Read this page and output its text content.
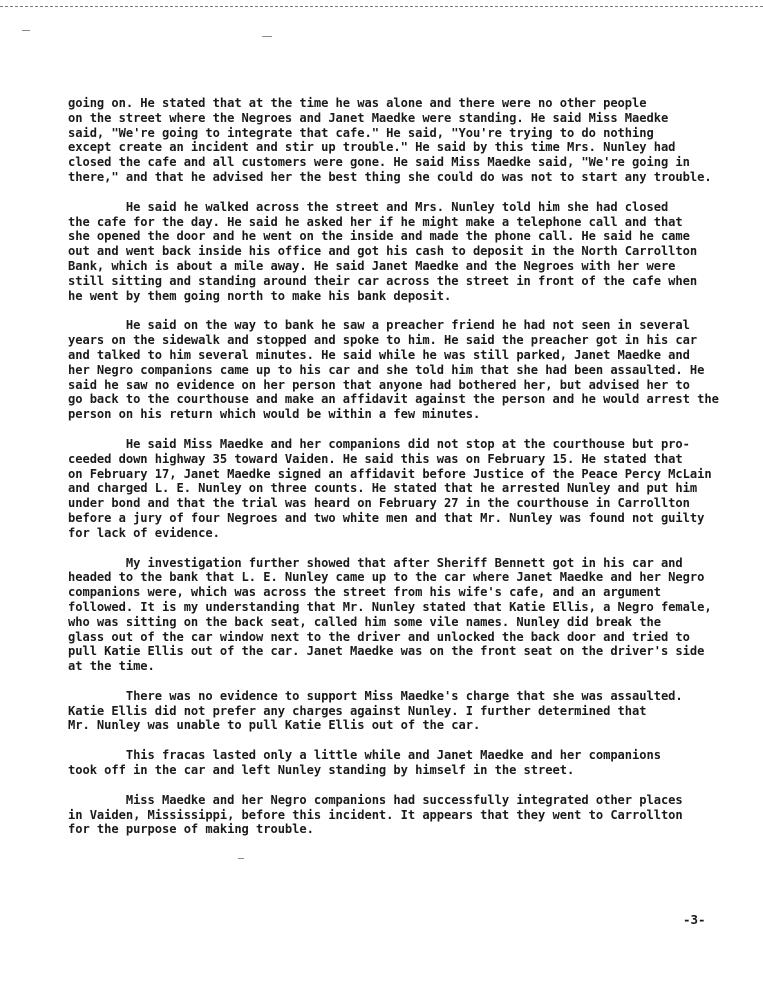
going on. He stated that at the time he was alone and there were no other people
on the street where the Negroes and Janet Maedke were standing. He said Miss Maedke
said, "We're going to integrate that cafe." He said, "You're trying to do nothing
except create an incident and stir up trouble." He said by this time Mrs. Nunley had
closed the cafe and all customers were gone. He said Miss Maedke said, "We're going in
there," and that he advised her the best thing she could do was not to start any trouble.

He said he walked across the street and Mrs. Nunley told him she had closed
the cafe for the day. He said he asked her if he might make a telephone call and that
she opened the door and he went on the inside and made the phone call. He said he came
out and went back inside his office and got his cash to deposit in the North Carrollton
Bank, which is about a mile away. He said Janet Maedke and the Negroes with her were
still sitting and standing around their car across the street in front of the cafe when
he went by them going north to make his bank deposit.

He said on the way to bank he saw a preacher friend he had not seen in several
years on the sidewalk and stopped and spoke to him. He said the preacher got in his car
and talked to him several minutes. He said while he was still parked, Janet Maedke and
her Negro companions came up to his car and she told him that she had been assaulted. He
said he saw no evidence on her person that anyone had bothered her, but advised her to
go back to the courthouse and make an affidavit against the person and he would arrest the
person on his return which would be within a few minutes.

He said Miss Maedke and her companions did not stop at the courthouse but pro-
ceeded down highway 35 toward Vaiden. He said this was on February 15. He stated that
on February 17, Janet Maedke signed an affidavit before Justice of the Peace Percy McLain
and charged L. E. Nunley on three counts. He stated that he arrested Nunley and put him
under bond and that the trial was heard on February 27 in the courthouse in Carrollton
before a jury of four Negroes and two white men and that Mr. Nunley was found not guilty
for lack of evidence.

My investigation further showed that after Sheriff Bennett got in his car and
headed to the bank that L. E. Nunley came up to the car where Janet Maedke and her Negro
companions were, which was across the street from his wife's cafe, and an argument
followed. It is my understanding that Mr. Nunley stated that Katie Ellis, a Negro female,
who was sitting on the back seat, called him some vile names. Nunley did break the
glass out of the car window next to the driver and unlocked the back door and tried to
pull Katie Ellis out of the car. Janet Maedke was on the front seat on the driver's side
at the time.

There was no evidence to support Miss Maedke's charge that she was assaulted.
Katie Ellis did not prefer any charges against Nunley. I further determined that
Mr. Nunley was unable to pull Katie Ellis out of the car.

This fracas lasted only a little while and Janet Maedke and her companions
took off in the car and left Nunley standing by himself in the street.

Miss Maedke and her Negro companions had successfully integrated other places
in Vaiden, Mississippi, before this incident. It appears that they went to Carrollton
for the purpose of making trouble.

-3-
